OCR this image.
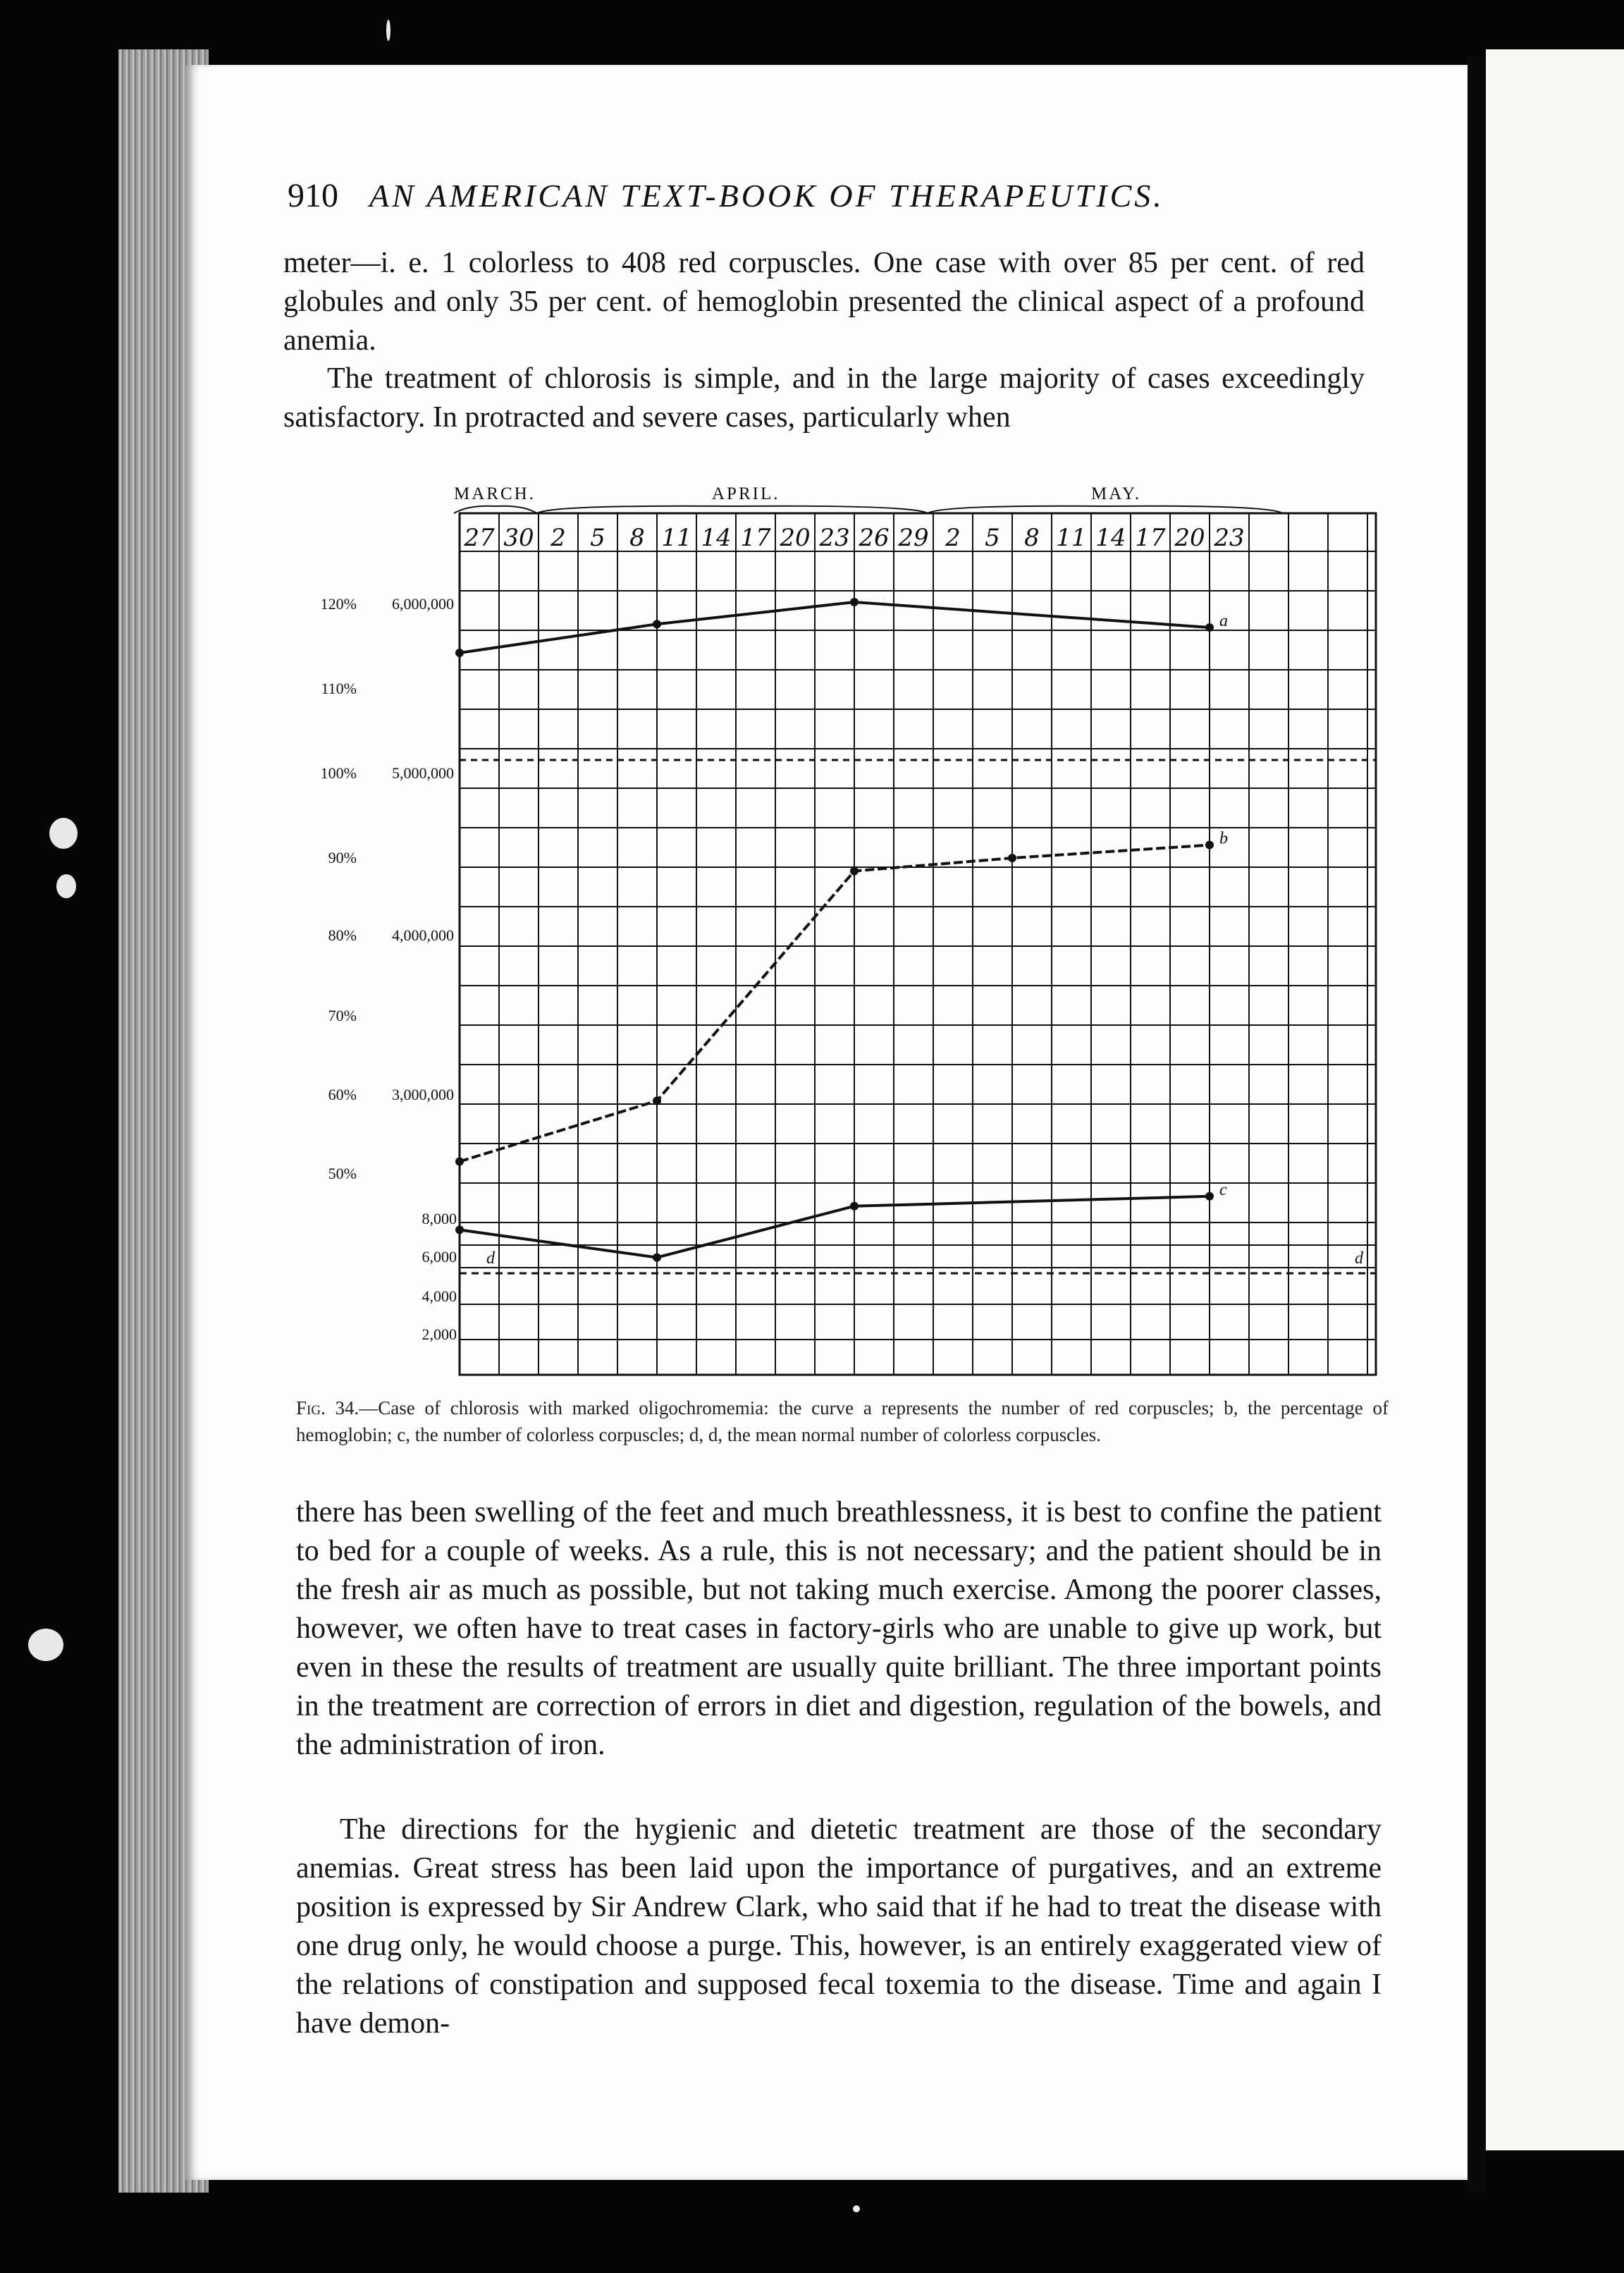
910 AN AMERICAN TEXT-BOOK OF THERAPEUTICS.

meter—i. e. 1 colorless to 408 red corpuscles. One case with over 85 per cent. of red globules and only 35 per cent. of hemoglobin presented the clinical aspect of a profound anemia.

The treatment of chlorosis is simple, and in the large majority of cases exceedingly satisfactory. In protracted and severe cases, particularly when

MARCH.	APRIL.	MAY.
27 30 2 5 8 11 14 17 20 23 26 29 2 5 8 11 14 17 20 23
120% 6,000,000
110%
100% 5,000,000
90%
80% 4,000,000
70%
60% 3,000,000
50%
8,000
6,000
4,000
2,000
a
b
c
d
d

Fig. 34.—Case of chlorosis with marked oligochromemia: the curve a represents the number of red corpuscles; b, the percentage of hemoglobin; c, the number of colorless corpuscles; d, d, the mean normal number of colorless corpuscles.

there has been swelling of the feet and much breathlessness, it is best to confine the patient to bed for a couple of weeks. As a rule, this is not necessary; and the patient should be in the fresh air as much as possible, but not taking much exercise. Among the poorer classes, however, we often have to treat cases in factory-girls who are unable to give up work, but even in these the results of treatment are usually quite brilliant. The three important points in the treatment are correction of errors in diet and digestion, regulation of the bowels, and the administration of iron.

The directions for the hygienic and dietetic treatment are those of the secondary anemias. Great stress has been laid upon the importance of purgatives, and an extreme position is expressed by Sir Andrew Clark, who said that if he had to treat the disease with one drug only, he would choose a purge. This, however, is an entirely exaggerated view of the relations of constipation and supposed fecal toxemia to the disease. Time and again I have demon-
